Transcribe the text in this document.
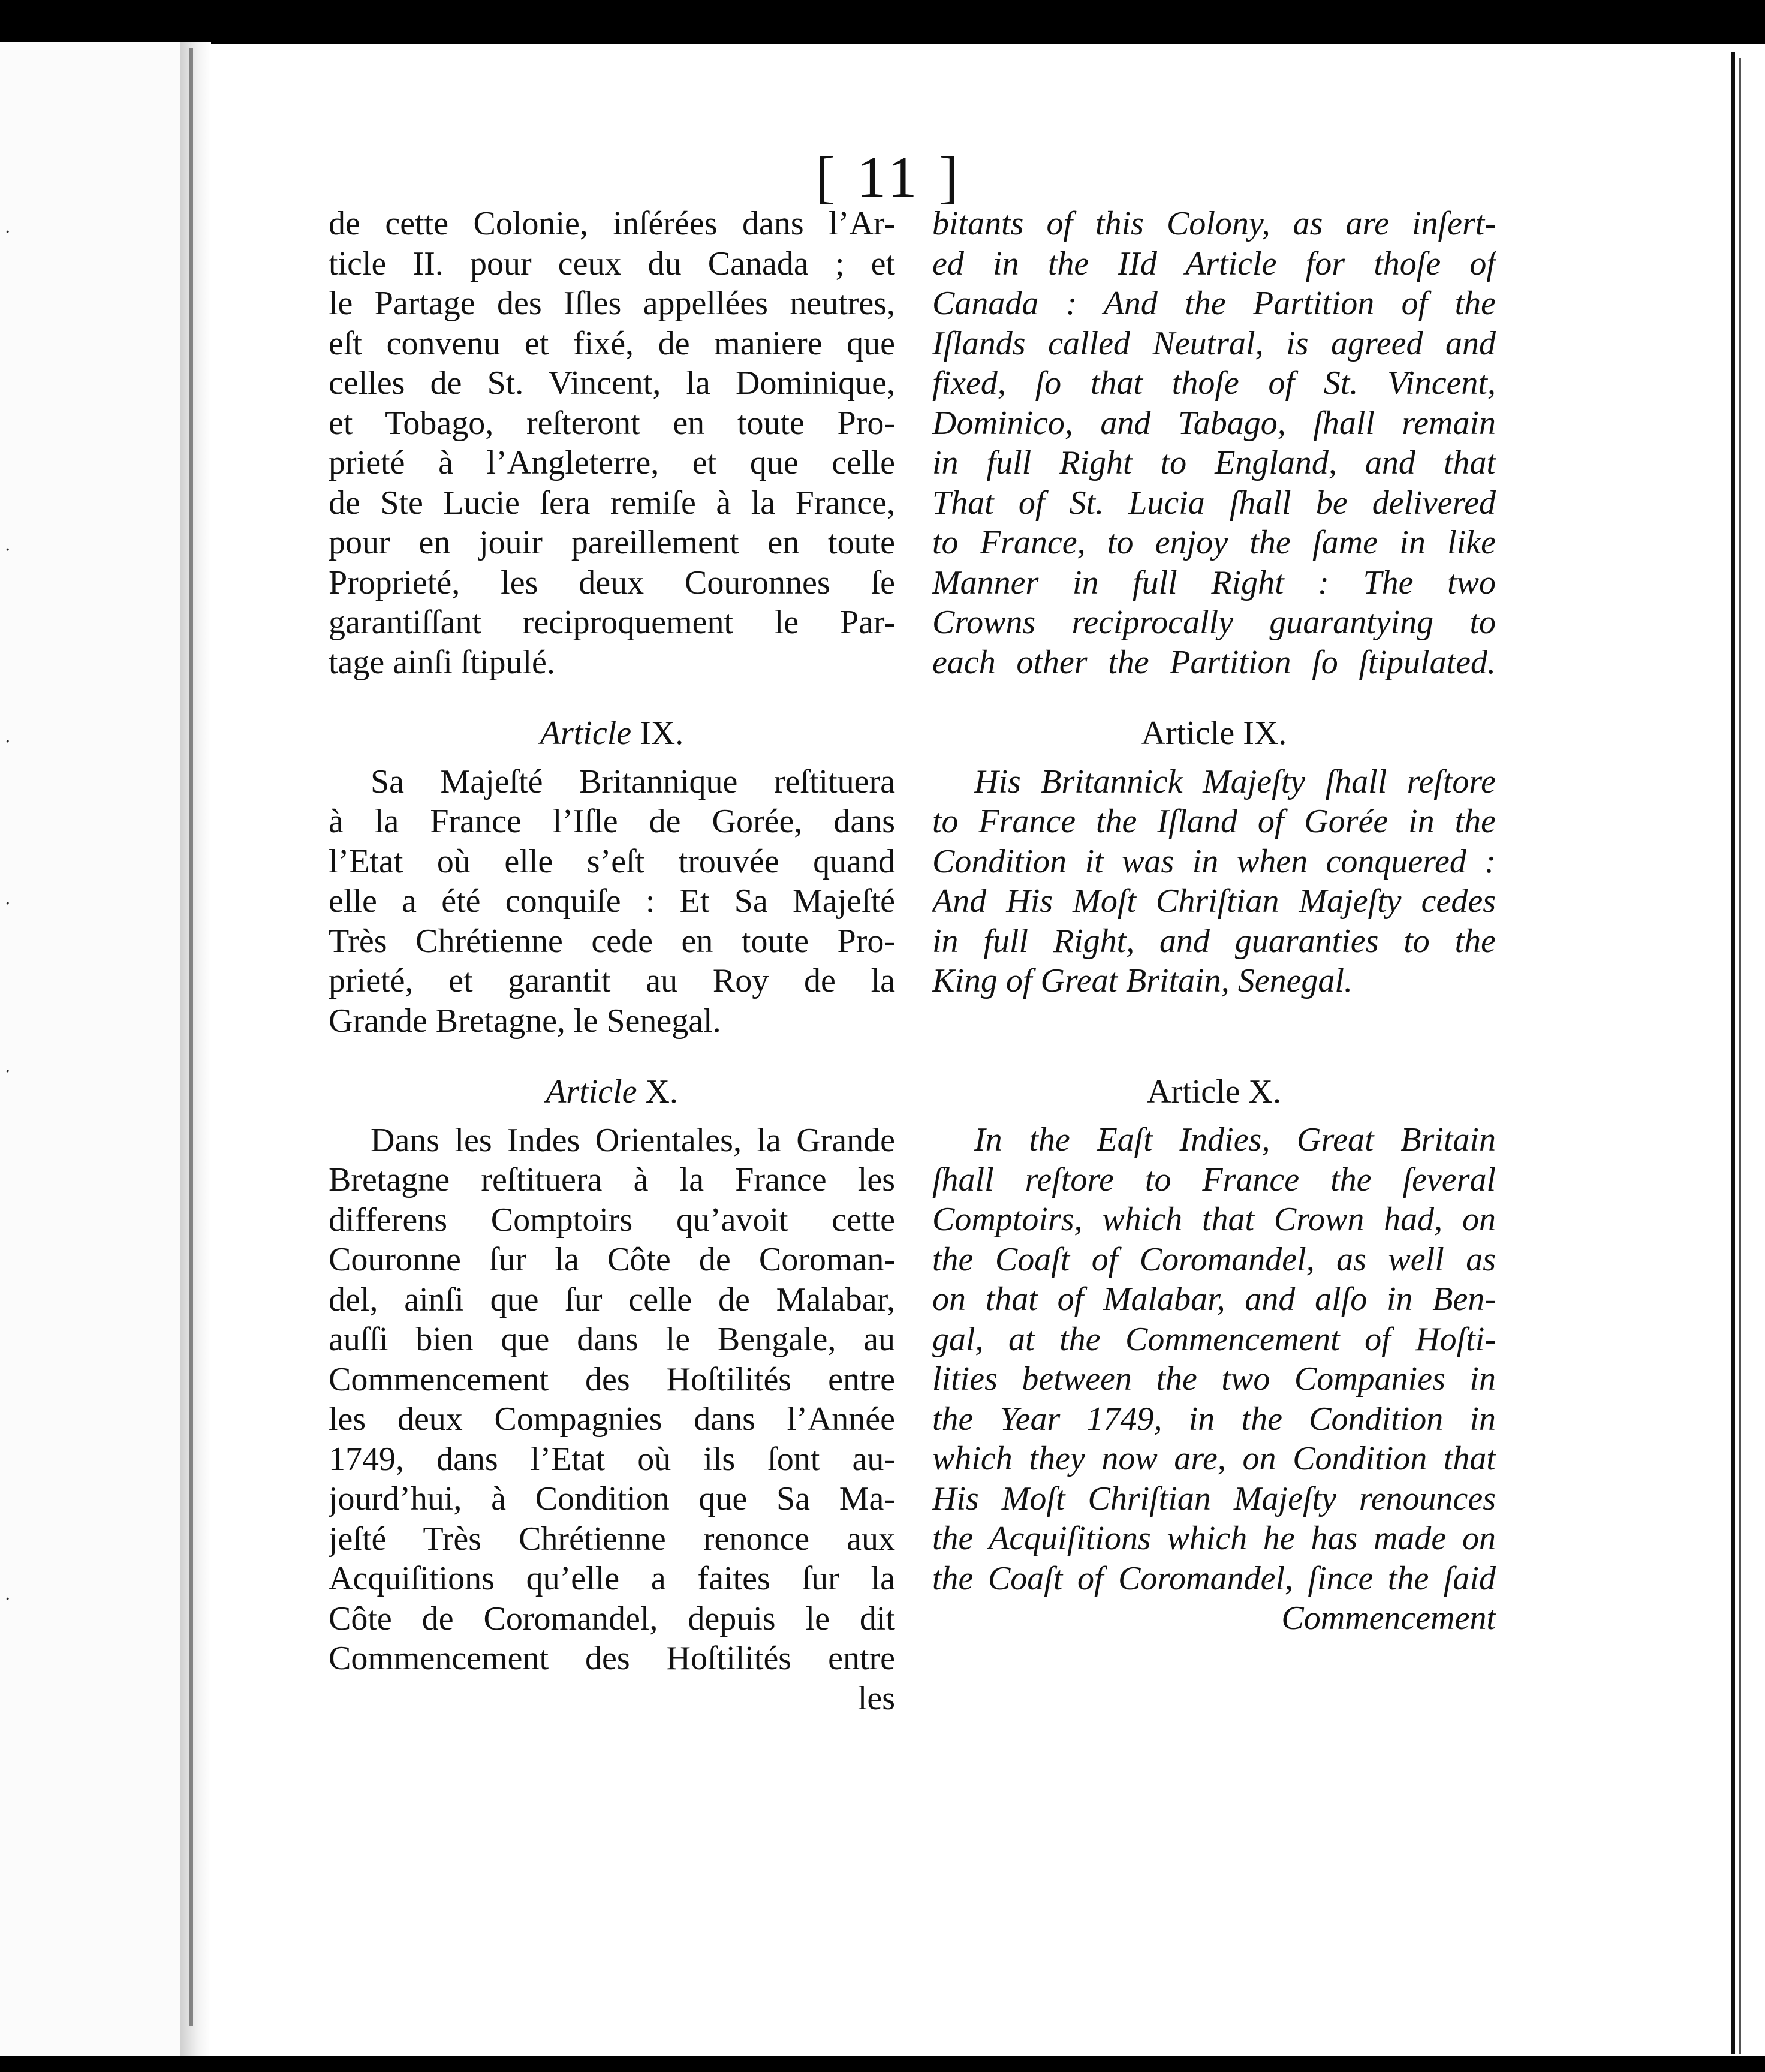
·
·
·
·
·
·
[ 11 ]
de cette Colonie, inſérées dans l’Ar-
ticle II. pour ceux du Canada ; et
le Partage des Iſles appellées neutres,
eſt convenu et fixé, de maniere que
celles de St. Vincent, la Dominique,
et Tobago, reſteront en toute Pro-
prieté à l’Angleterre, et que celle
de Ste Lucie ſera remiſe à la France,
pour en jouir pareillement en toute
Proprieté, les deux Couronnes ſe
garantiſſant reciproquement le Par-
tage ainſi ſtipulé.
Article IX.
Sa Majeſté Britannique reſtituera
à la France l’Iſle de Gorée, dans
l’Etat où elle s’eſt trouvée quand
elle a été conquiſe : Et Sa Majeſté
Très Chrétienne cede en toute Pro-
prieté, et garantit au Roy de la
Grande Bretagne, le Senegal.
Article X.
Dans les Indes Orientales, la Grande
Bretagne reſtituera à la France les
differens Comptoirs qu’avoit cette
Couronne ſur la Côte de Coroman-
del, ainſi que ſur celle de Malabar,
auſſi bien que dans le Bengale, au
Commencement des Hoſtilités entre
les deux Compagnies dans l’Année
1749, dans l’Etat où ils ſont au-
jourd’hui, à Condition que Sa Ma-
jeſté Très Chrétienne renonce aux
Acquiſitions qu’elle a faites ſur la
Côte de Coromandel, depuis le dit
Commencement des Hoſtilités entre
les
bitants of this Colony, as are inſert-
ed in the IId Article for thoſe of
Canada : And the Partition of the
Iſlands called Neutral, is agreed and
fixed, ſo that thoſe of St. Vincent,
Dominico, and Tabago, ſhall remain
in full Right to England, and that
That of St. Lucia ſhall be delivered
to France, to enjoy the ſame in like
Manner in full Right : The two
Crowns reciprocally guarantying to
each other the Partition ſo ſtipulated.
Article IX.
His Britannick Majeſty ſhall reſtore
to France the Iſland of Gorée in the
Condition it was in when conquered :
And His Moſt Chriſtian Majeſty cedes
in full Right, and guaranties to the
King of Great Britain, Senegal.
Article X.
In the Eaſt Indies, Great Britain
ſhall reſtore to France the ſeveral
Comptoirs, which that Crown had, on
the Coaſt of Coromandel, as well as
on that of Malabar, and alſo in Ben-
gal, at the Commencement of Hoſti-
lities between the two Companies in
the Year 1749, in the Condition in
which they now are, on Condition that
His Moſt Chriſtian Majeſty renounces
the Acquiſitions which he has made on
the Coaſt of Coromandel, ſince the ſaid
Commencement
